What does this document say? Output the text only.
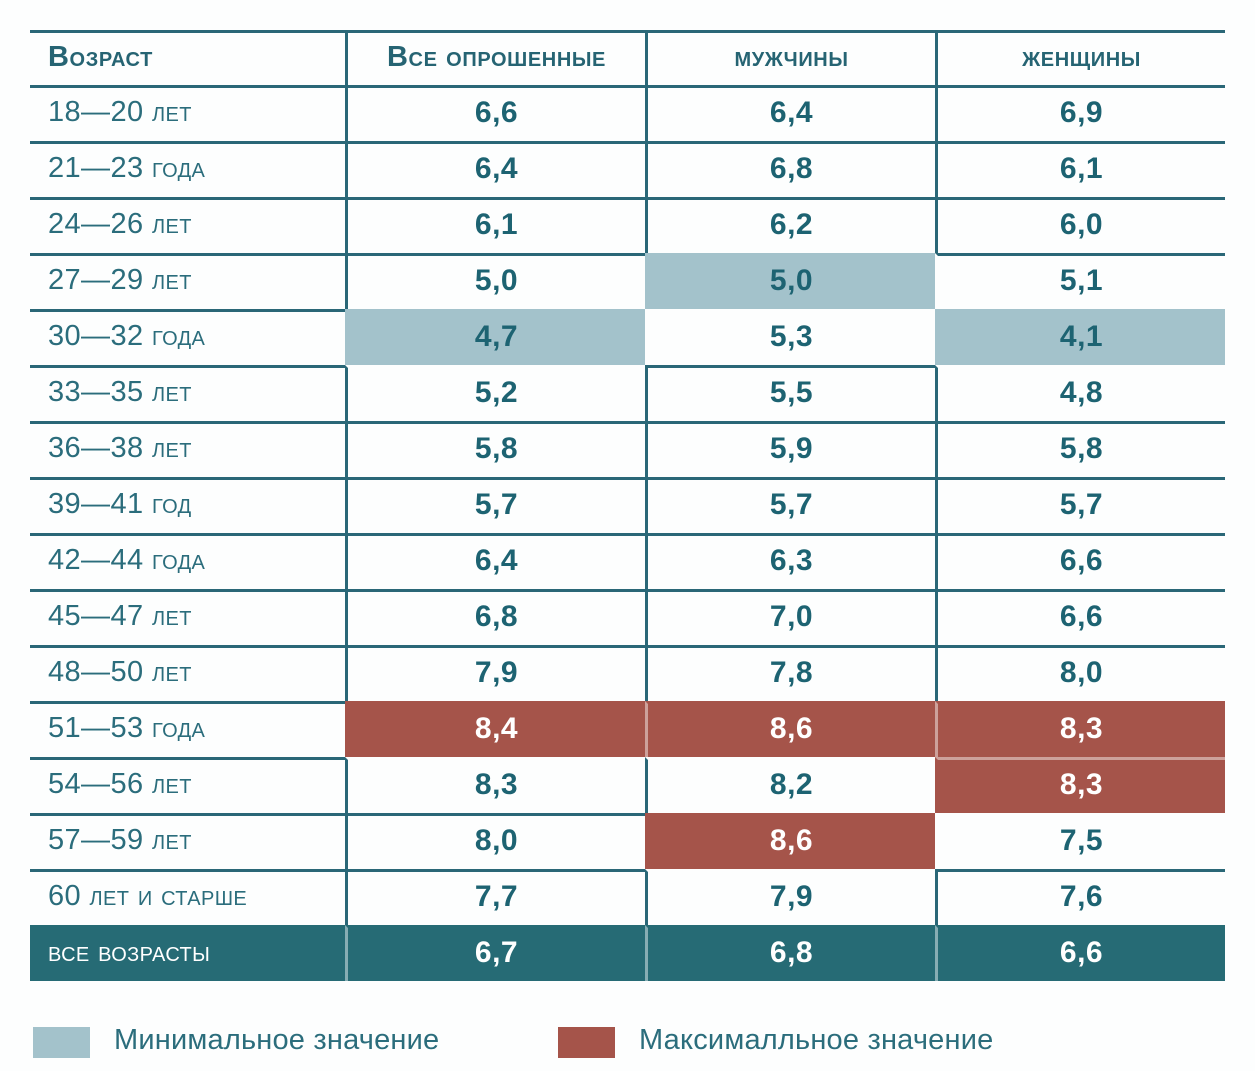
Возраст	Все опрошенные	мужчины	женщины
18—20 лет	6,6	6,4	6,9
21—23 года	6,4	6,8	6,1
24—26 лет	6,1	6,2	6,0
27—29 лет	5,0	5,0	5,1
30—32 года	4,7	5,3	4,1
33—35 лет	5,2	5,5	4,8
36—38 лет	5,8	5,9	5,8
39—41 год	5,7	5,7	5,7
42—44 года	6,4	6,3	6,6
45—47 лет	6,8	7,0	6,6
48—50 лет	7,9	7,8	8,0
51—53 года	8,4	8,6	8,3
54—56 лет	8,3	8,2	8,3
57—59 лет	8,0	8,6	7,5
60 лет и старше	7,7	7,9	7,6
все возрасты	6,7	6,8	6,6
Минимальное значение	Максималльное значение
